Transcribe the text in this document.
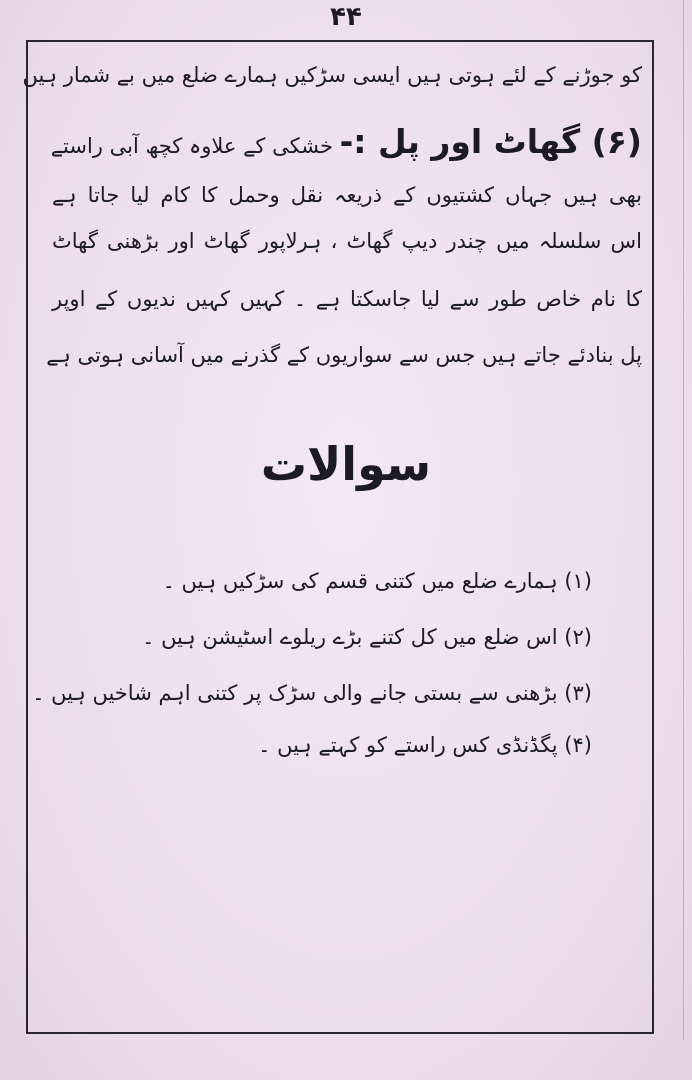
۴۴
کو جوڑنے کے لئے ہوتی ہیں ایسی سڑکیں ہمارے ضلع میں بے شمار ہیں
(۶) گھاٹ اور پل :- خشکی کے علاوہ کچھ آبی راستے
بھی ہیں جہاں کشتیوں کے ذریعہ نقل وحمل کا کام لیا جاتا ہے
اس سلسلہ میں چندر دیپ گھاٹ ، ہرلاپور گھاٹ اور بڑھنی گھاٹ
کا نام خاص طور سے لیا جاسکتا ہے ۔ کہیں کہیں ندیوں کے اوپر
پل بنادئے جاتے ہیں جس سے سواریوں کے گذرنے میں آسانی ہوتی ہے
سوالات
(۱) ہمارے ضلع میں کتنی قسم کی سڑکیں ہیں ۔
(۲) اس ضلع میں کل کتنے بڑے ریلوے اسٹیشن ہیں ۔
(۳) بڑھنی سے بستی جانے والی سڑک پر کتنی اہم شاخیں ہیں ۔
(۴) پگڈنڈی کس راستے کو کہتے ہیں ۔
